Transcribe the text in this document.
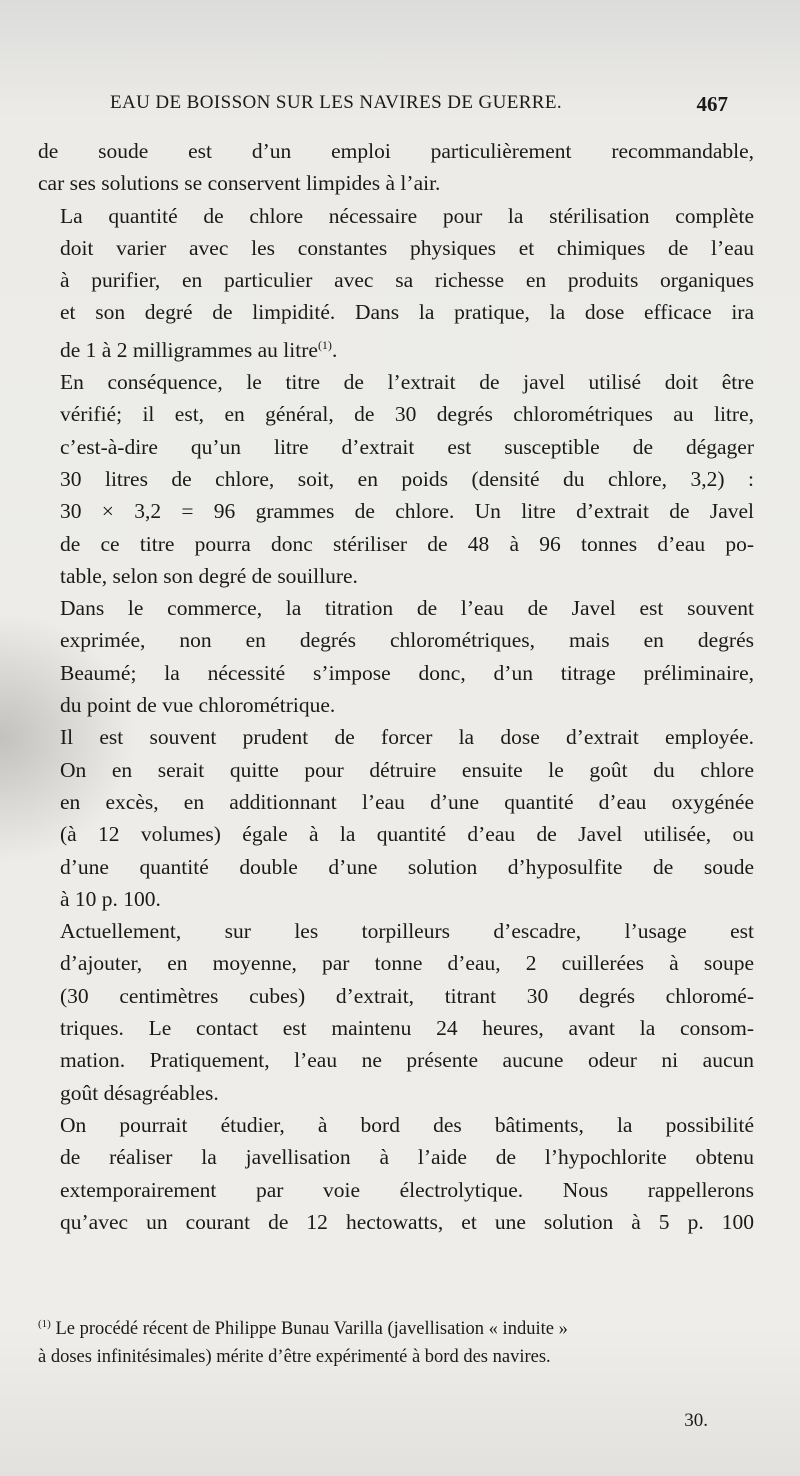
EAU DE BOISSON SUR LES NAVIRES DE GUERRE.	467

de soude est d’un emploi particulièrement recommandable,
car ses solutions se conservent limpides à l’air.

La quantité de chlore nécessaire pour la stérilisation complète
doit varier avec les constantes physiques et chimiques de l’eau
à purifier, en particulier avec sa richesse en produits organiques
et son degré de limpidité. Dans la pratique, la dose efficace ira
de 1 à 2 milligrammes au litre$^{(1)}$.

En conséquence, le titre de l’extrait de javel utilisé doit être
vérifié; il est, en général, de 30 degrés chlorométriques au litre,
c’est-à-dire qu’un litre d’extrait est susceptible de dégager
30 litres de chlore, soit, en poids (densité du chlore, 3,2) :
30 × 3,2 = 96 grammes de chlore. Un litre d’extrait de Javel
de ce titre pourra donc stériliser de 48 à 96 tonnes d’eau po-
table, selon son degré de souillure.

Dans le commerce, la titration de l’eau de Javel est souvent
exprimée, non en degrés chlorométriques, mais en degrés
Beaumé; la nécessité s’impose donc, d’un titrage préliminaire,
du point de vue chlorométrique.

Il est souvent prudent de forcer la dose d’extrait employée.
On en serait quitte pour détruire ensuite le goût du chlore
en excès, en additionnant l’eau d’une quantité d’eau oxygénée
(à 12 volumes) égale à la quantité d’eau de Javel utilisée, ou
d’une quantité double d’une solution d’hyposulfite de soude
à 10 p. 100.

Actuellement, sur les torpilleurs d’escadre, l’usage est
d’ajouter, en moyenne, par tonne d’eau, 2 cuillerées à soupe
(30 centimètres cubes) d’extrait, titrant 30 degrés chloromé-
triques. Le contact est maintenu 24 heures, avant la consom-
mation. Pratiquement, l’eau ne présente aucune odeur ni aucun
goût désagréables.

On pourrait étudier, à bord des bâtiments, la possibilité
de réaliser la javellisation à l’aide de l’hypochlorite obtenu
extemporairement par voie électrolytique. Nous rappellerons
qu’avec un courant de 12 hectowatts, et une solution à 5 p. 100

$^{(1)}$ Le procédé récent de Philippe Bunau Varilla (javellisation « induite »
à doses infinitésimales) mérite d’être expérimenté à bord des navires.
30.
